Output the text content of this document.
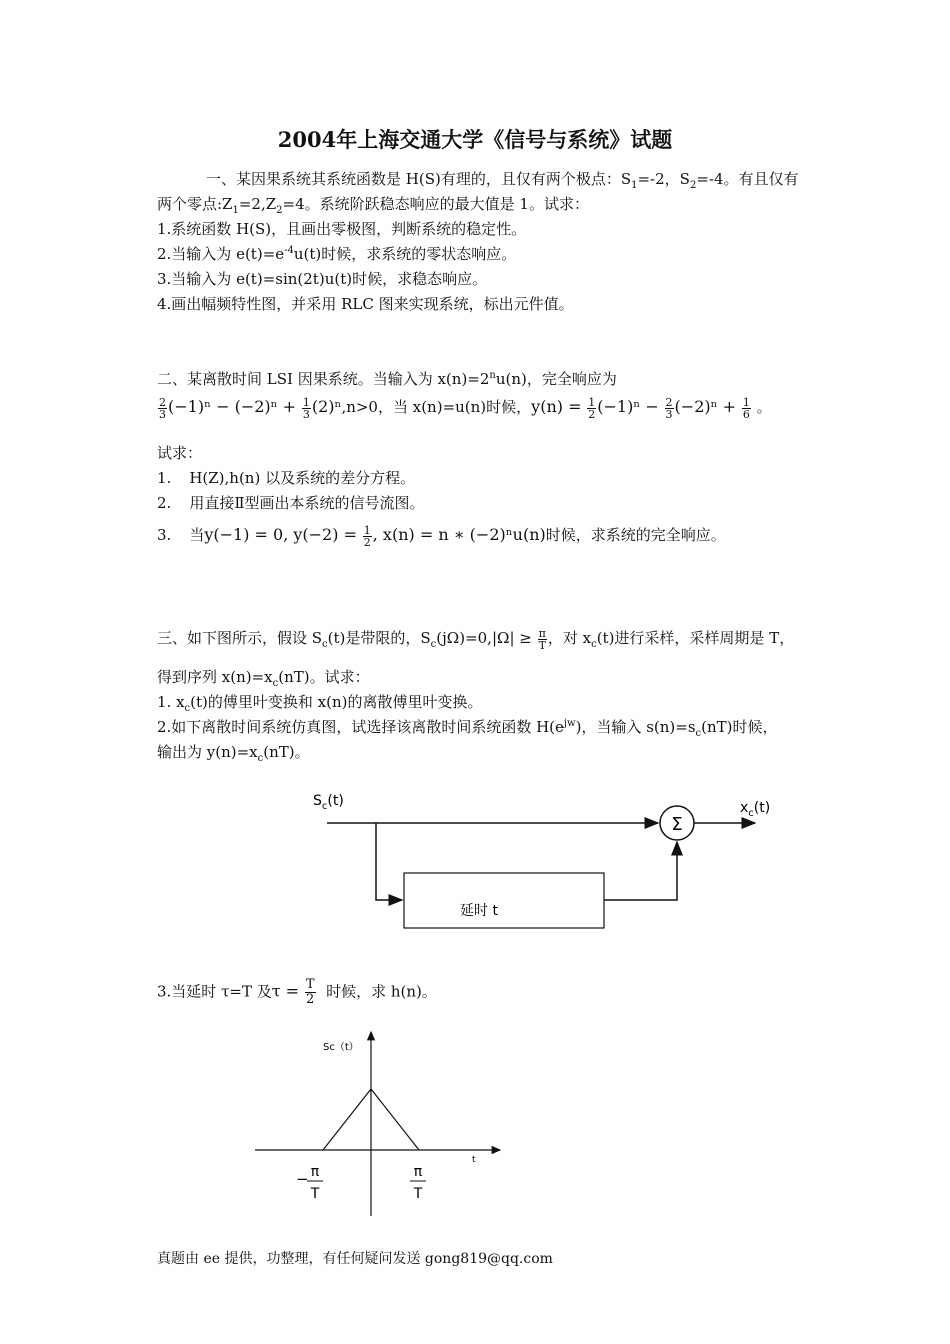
2004年上海交通大学《信号与系统》试题
一、某因果系统其系统函数是 H(S)有理的，且仅有两个极点：$S_1=-2$，$S_2=-4$。有且仅有
两个零点$:Z_1=2,Z_2=4$。系统阶跃稳态响应的最大值是 1。试求：
1.系统函数 H(S)，且画出零极图，判断系统的稳定性。
2.当输入为 $e(t)=e^{-4}u(t)$时候，求系统的零状态响应。
3.当输入为 e(t)=sin(2t)u(t)时候，求稳态响应。
4.画出幅频特性图，并采用 RLC 图来实现系统，标出元件值。
二、某离散时间 LSI 因果系统。当输入为 $x(n)=2^nu(n)$，完全响应为
$\frac{2}{3} (-1)^n - (-2)^n + \frac{1}{3} (2)^n,n>0$，当 x(n)=u(n)时候，$y(n) = \frac{1}{2} (-1)^n - \frac{2}{3} (-2)^n + \frac{1}{6}$ 。
试求：
1. H(Z),h(n) 以及系统的差分方程。
2. 用直接Ⅱ型画出本系统的信号流图。
3. 当y(−1) = 0, $y(-2) = \frac{1}{2}$ , x(n) = n ∗ (−2)ⁿu(n)时候，求系统的完全响应。
三、如下图所示，假设 $S_c(t)$是带限的，$S_c(j\Omega)=0,|\Omega| \ge \frac{\pi}{T}$ ，对 $x_c(t)$进行采样，采样周期是 T，
得到序列 $x(n)=x_c(nT)$。试求：
1. $x_c(t)$的傅里叶变换和 x(n)的离散傅里叶变换。
2.如下离散时间系统仿真图，试选择该离散时间系统函数 $H(e^{jw})$，当输入 $s(n)=s_c(nT)$时候，
输出为 $y(n)=x_c(nT)$。
$S_c(t)$	$x_c(t)$
Σ
延时 t
3.当延时 τ=T 及$\tau = \frac{T}{2}$ 时候，求 h(n)。
Sc（t）
t
− π
T
π
T
真题由 ee 提供，功整理，有任何疑问发送 gong819@qq.com
